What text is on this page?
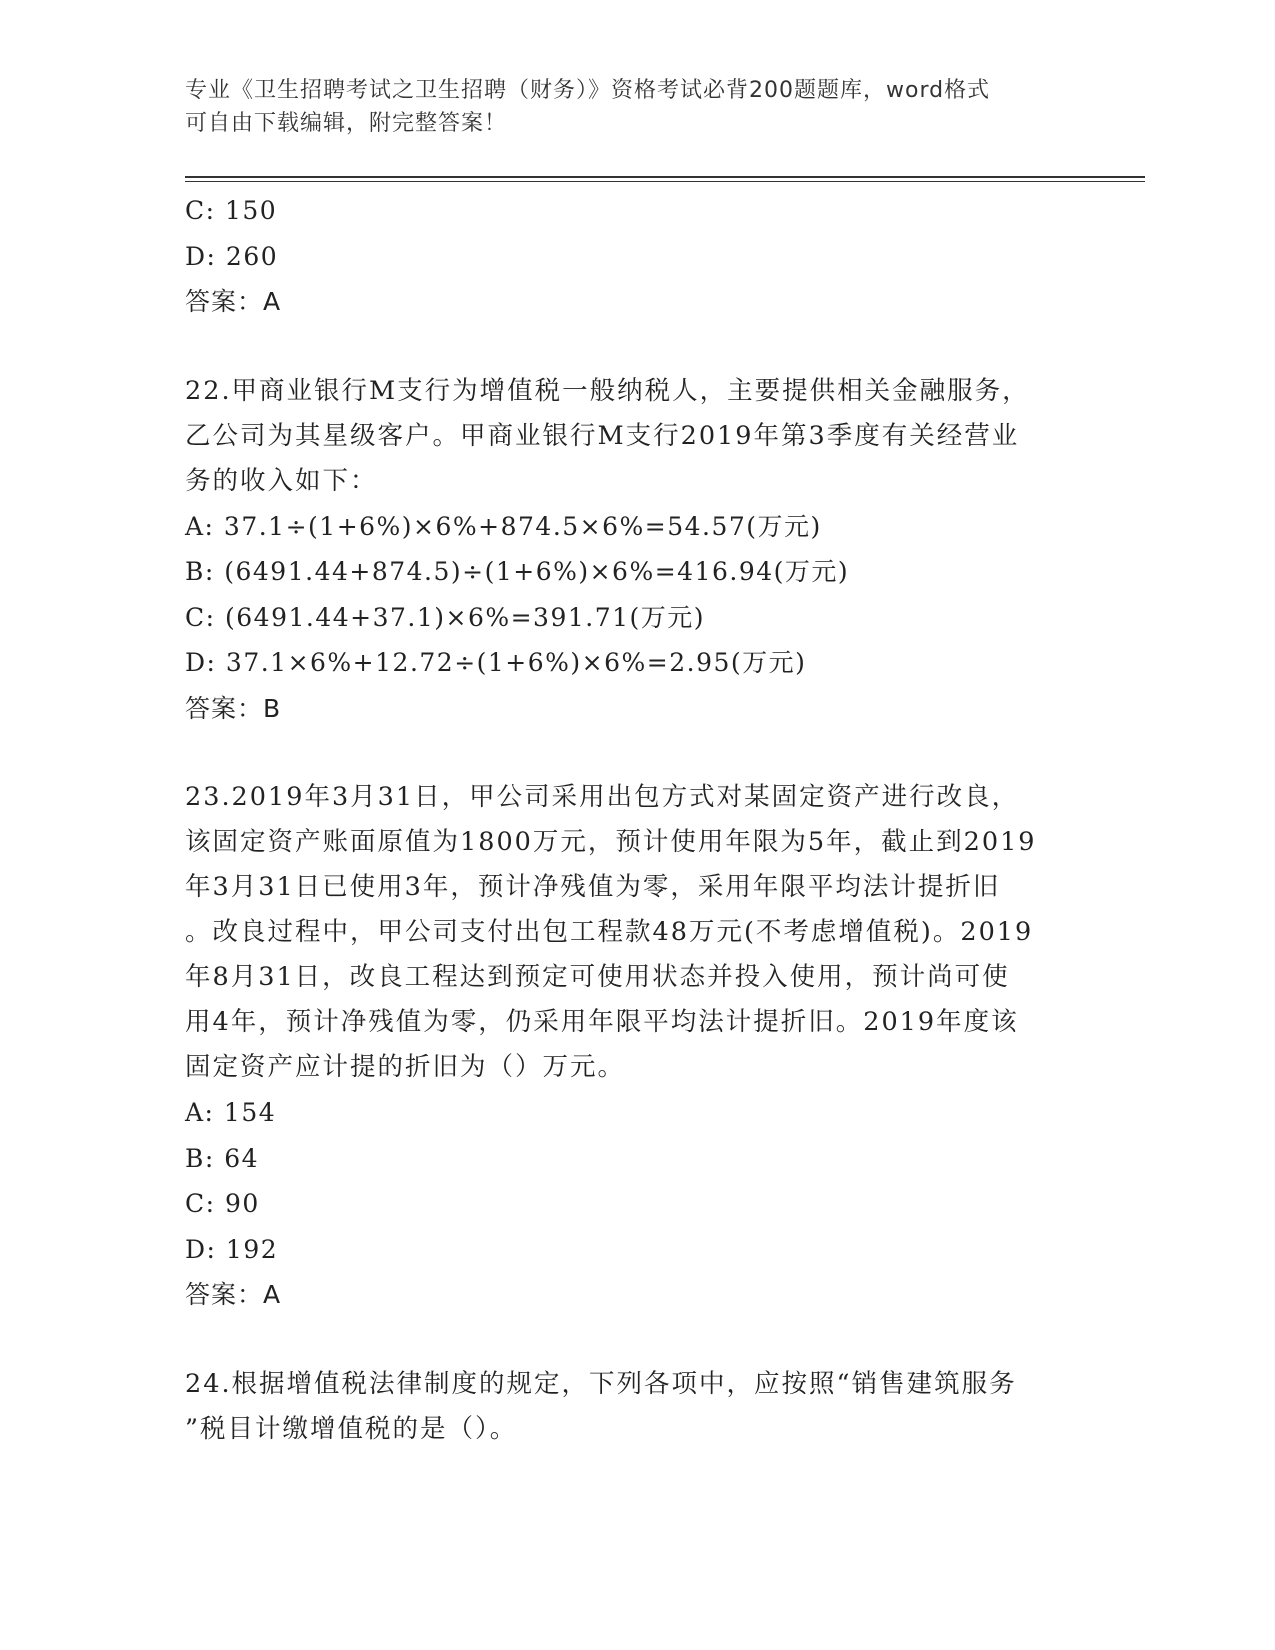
专业《卫生招聘考试之卫生招聘（财务）》资格考试必背200题题库，word格式
可自由下载编辑，附完整答案！
C: 150
D: 260
答案：A
22.甲商业银行M支行为增值税一般纳税人，主要提供相关金融服务，
乙公司为其星级客户。甲商业银行M支行2019年第3季度有关经营业
务的收入如下：
A: 37.1÷(1+6%)×6%+874.5×6%=54.57(万元)
B: (6491.44+874.5)÷(1+6%)×6%=416.94(万元)
C: (6491.44+37.1)×6%=391.71(万元)
D: 37.1×6%+12.72÷(1+6%)×6%=2.95(万元)
答案：B
23.2019年3月31日，甲公司采用出包方式对某固定资产进行改良，
该固定资产账面原值为1800万元，预计使用年限为5年，截止到2019
年3月31日已使用3年，预计净残值为零，采用年限平均法计提折旧
。改良过程中，甲公司支付出包工程款48万元(不考虑增值税)。2019
年8月31日，改良工程达到预定可使用状态并投入使用，预计尚可使
用4年，预计净残值为零，仍采用年限平均法计提折旧。2019年度该
固定资产应计提的折旧为（）万元。
A: 154
B: 64
C: 90
D: 192
答案：A
24.根据增值税法律制度的规定，下列各项中，应按照“销售建筑服务
”税目计缴增值税的是（）。
